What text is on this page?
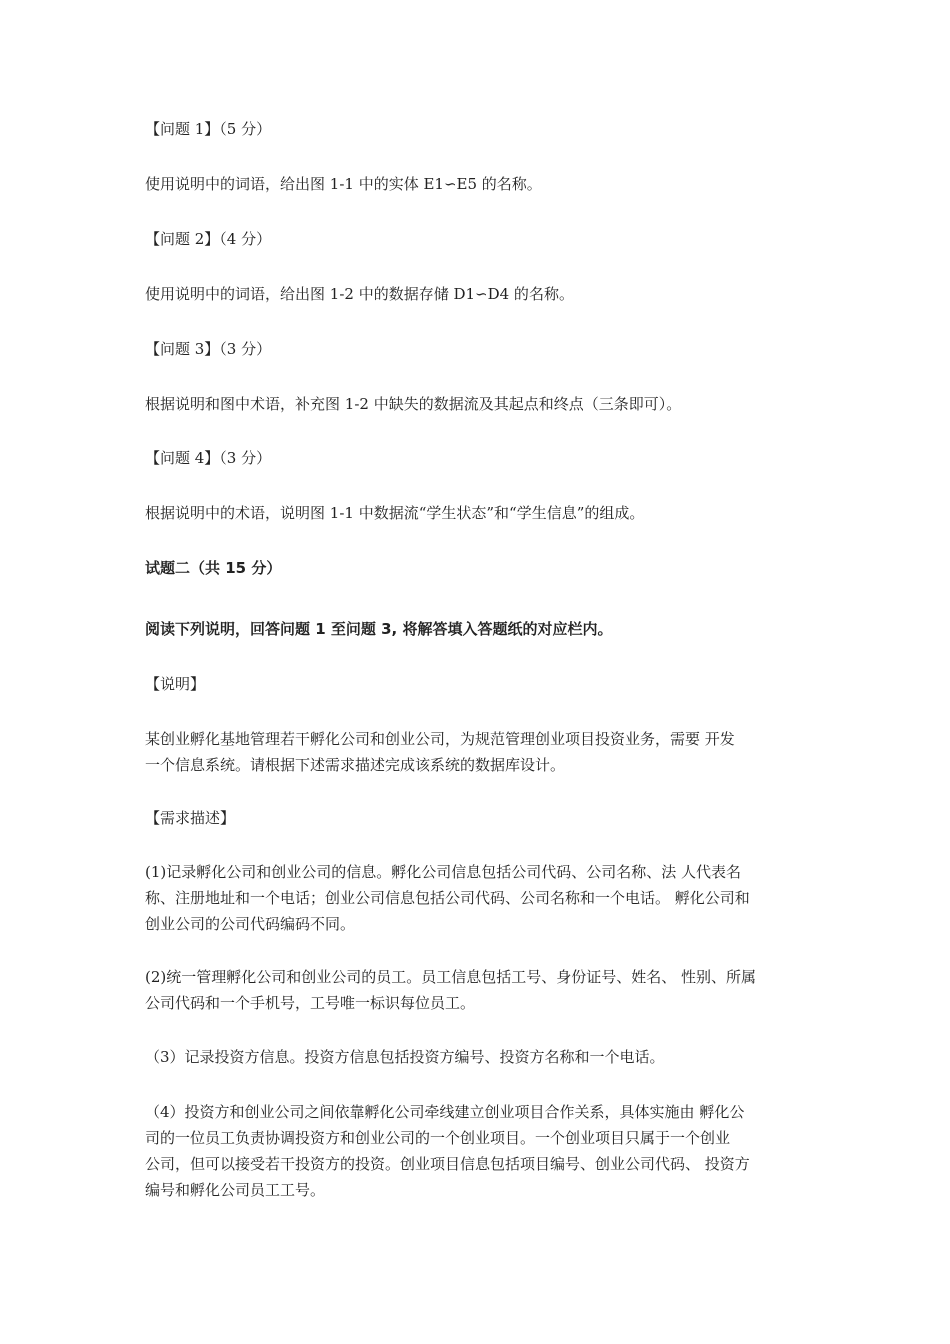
【问题 1】（5 分）

使用说明中的词语，给出图 1-1 中的实体 E1∽E5 的名称。

【问题 2】（4 分）

使用说明中的词语，给出图 1-2 中的数据存储 D1∽D4 的名称。

【问题 3】（3 分）

根据说明和图中术语，补充图 1-2 中缺失的数据流及其起点和终点（三条即可）。

【问题 4】（3 分）

根据说明中的术语，说明图 1-1 中数据流“学生状态”和“学生信息”的组成。

试题二（共 15 分）

阅读下列说明，回答问题 1 至问题 3, 将解答填入答题纸的对应栏内。

【说明】

某创业孵化基地管理若干孵化公司和创业公司，为规范管理创业项目投资业务，需要 开发
一个信息系统。请根据下述需求描述完成该系统的数据库设计。

【需求描述】

(1)记录孵化公司和创业公司的信息。孵化公司信息包括公司代码、公司名称、法 人代表名
称、注册地址和一个电话；创业公司信息包括公司代码、公司名称和一个电话。 孵化公司和
创业公司的公司代码编码不同。
(2)统一管理孵化公司和创业公司的员工。员工信息包括工号、身份证号、姓名、 性别、所属
公司代码和一个手机号，工号唯一标识每位员工。
（3）记录投资方信息。投资方信息包括投资方编号、投资方名称和一个电话。
（4）投资方和创业公司之间依靠孵化公司牵线建立创业项目合作关系，具体实施由 孵化公
司的一位员工负责协调投资方和创业公司的一个创业项目。一个创业项目只属于一个创业
公司，但可以接受若干投资方的投资。创业项目信息包括项目编号、创业公司代码、 投资方
编号和孵化公司员工工号。
